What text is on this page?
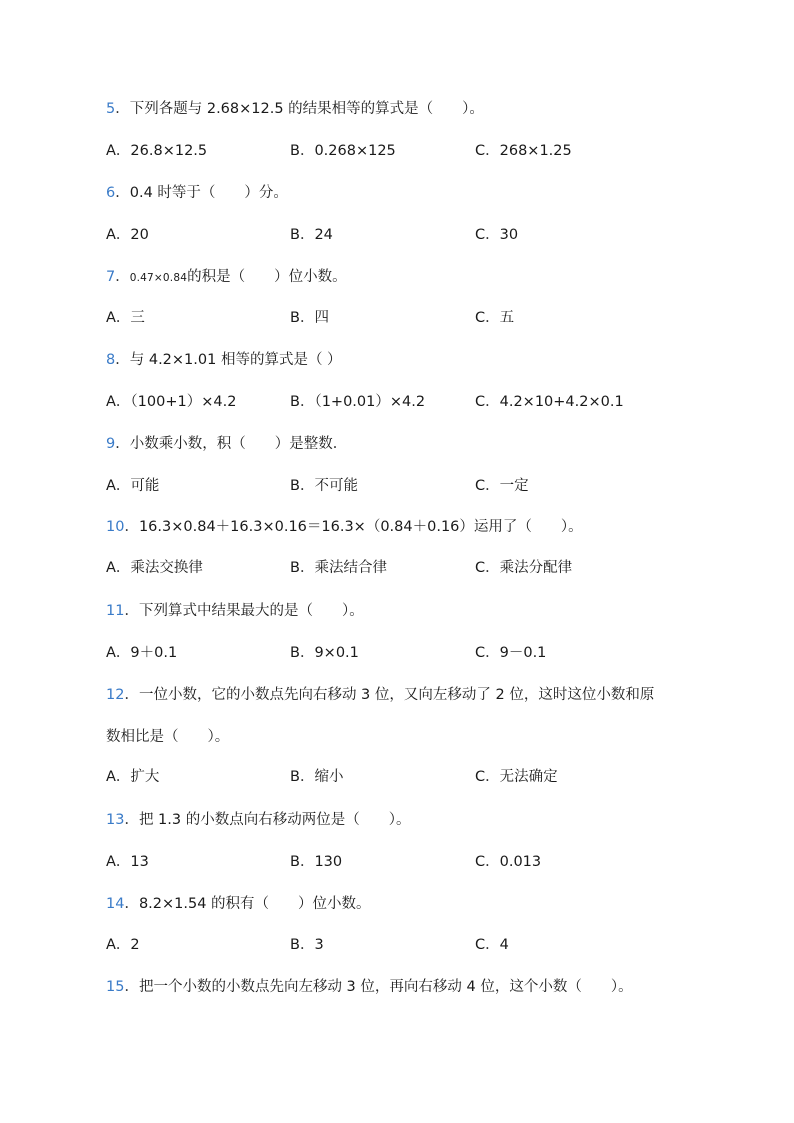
5．下列各题与 2.68×12.5 的结果相等的算式是（　　）。
A．26.8×12.5	B．0.268×125	C．268×1.25
6．0.4 时等于（　　）分。
A．20	B．24	C．30
7．0.47×0.84的积是（　　）位小数。
A．三	B．四	C．五
8．与 4.2×1.01 相等的算式是（ ）
A．（100+1）×4.2	B．（1+0.01）×4.2	C．4.2×10+4.2×0.1
9．小数乘小数，积（　　）是整数．
A．可能	B．不可能	C．一定
10．16.3×0.84＋16.3×0.16＝16.3×（0.84＋0.16）运用了（　　）。
A．乘法交换律	B．乘法结合律	C．乘法分配律
11．下列算式中结果最大的是（　　）。
A．9＋0.1	B．9×0.1	C．9－0.1
12．一位小数，它的小数点先向右移动 3 位，又向左移动了 2 位，这时这位小数和原
数相比是（　　）。
A．扩大	B．缩小	C．无法确定
13．把 1.3 的小数点向右移动两位是（　　）。
A．13	B．130	C．0.013
14．8.2×1.54 的积有（　　）位小数。
A．2	B．3	C．4
15．把一个小数的小数点先向左移动 3 位，再向右移动 4 位，这个小数（　　）。
